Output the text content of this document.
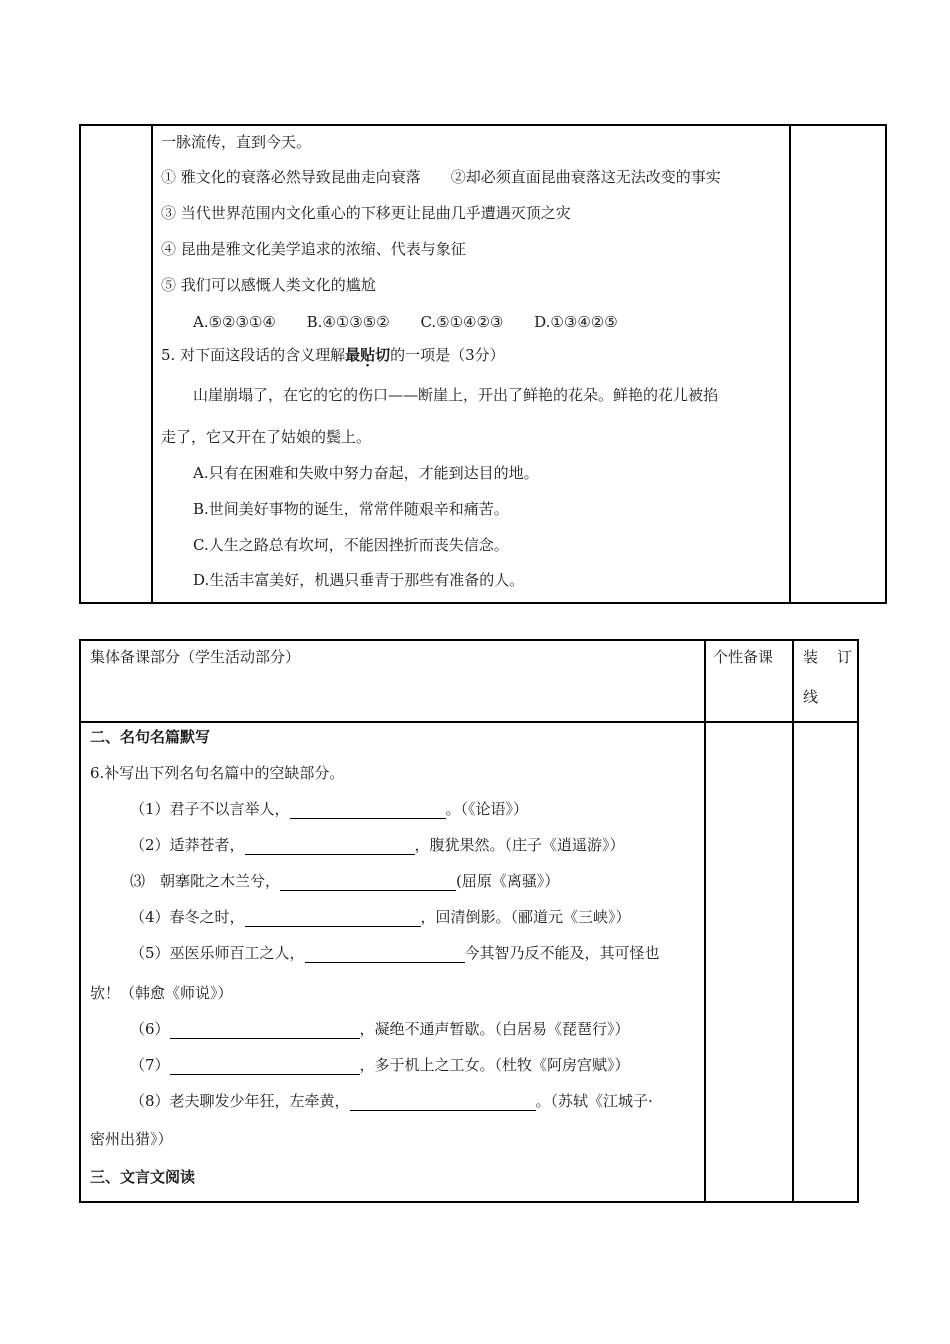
一脉流传，直到今天。
① 雅文化的衰落必然导致昆曲走向衰落　　②却必须直面昆曲衰落这无法改变的事实
③ 当代世界范围内文化重心的下移更让昆曲几乎遭遇灭顶之灾
④ 昆曲是雅文化美学追求的浓缩、代表与象征
⑤ 我们可以感慨人类文化的尴尬
A.⑤②③①④ B.④①③⑤② C.⑤①④②③ D.①③④②⑤
5. 对下面这段话的含义理解最贴切的一项是（3分）
山崖崩塌了，在它的它的伤口——断崖上，开出了鲜艳的花朵。鲜艳的花儿被掐
走了，它又开在了姑娘的鬓上。
A.只有在困难和失败中努力奋起，才能到达目的地。
B.世间美好事物的诞生，常常伴随艰辛和痛苦。
C.人生之路总有坎坷，不能因挫折而丧失信念。
D.生活丰富美好，机遇只垂青于那些有准备的人。
集体备课部分（学生活动部分）	个性备课 装　订
线
二、名句名篇默写
6.补写出下列名句名篇中的空缺部分。
（1）君子不以言举人，	。（《论语》）
（2）适莽苍者，	，腹犹果然。（庄子《逍遥游》）
⑶　朝搴阰之木兰兮，	(屈原《离骚》）
（4）春冬之时，	，回清倒影。（郦道元《三峡》）
（5）巫医乐师百工之人，	今其智乃反不能及，其可怪也
欤！（韩愈《师说》）
（6）	，凝绝不通声暂歇。（白居易《琵琶行》）
（7）	，多于机上之工女。（杜牧《阿房宫赋》）
（8）老夫聊发少年狂，左牵黄，	。（苏轼《江城子·
密州出猎》）
三、文言文阅读
